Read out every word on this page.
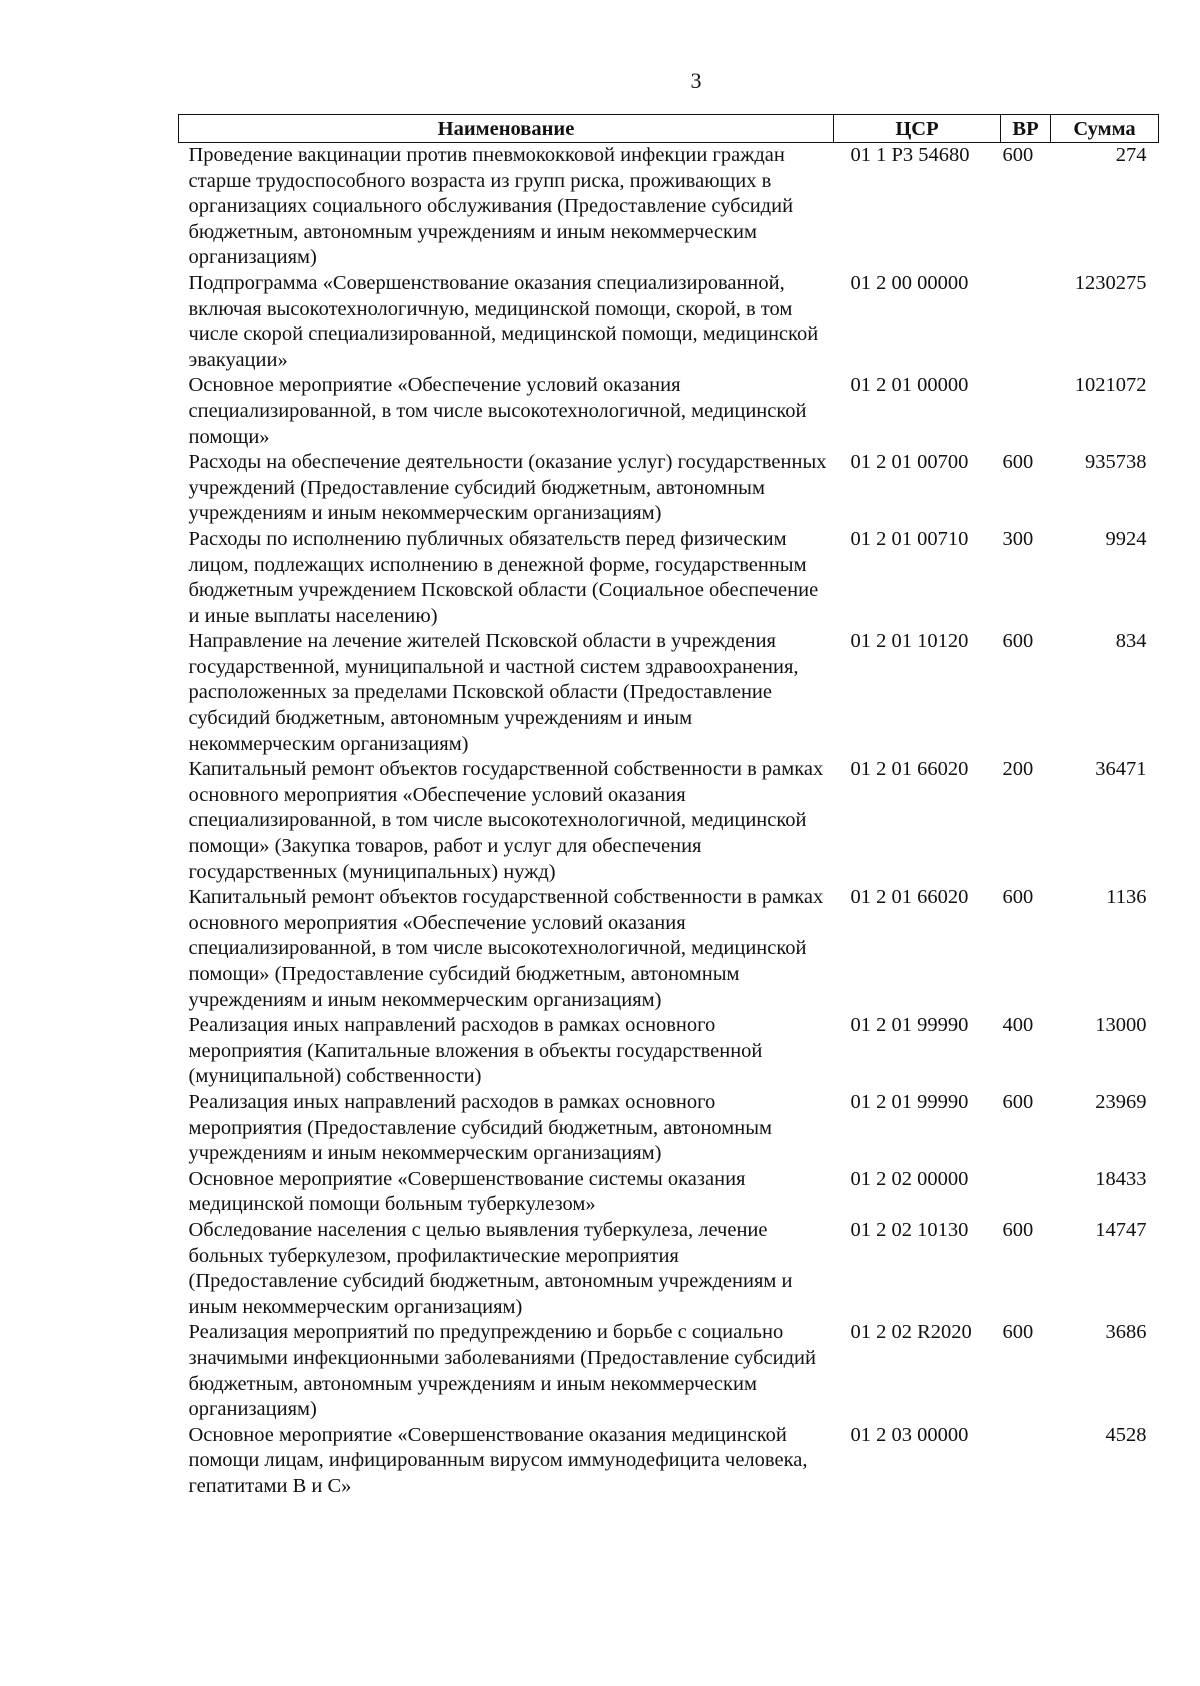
3
Наименование	ЦСР	ВР	Сумма
Проведение вакцинации против пневмококковой инфекции граждан старше трудоспособного возраста из групп риска, проживающих в организациях социального обслуживания (Предоставление субсидий бюджетным, автономным учреждениям и иным некоммерческим организациям)	01 1 Р3 54680	600	274
Подпрограмма «Совершенствование оказания специализированной, включая высокотехнологичную, медицинской помощи, скорой, в том числе скорой специализированной, медицинской помощи, медицинской эвакуации»	01 2 00 00000		1230275
Основное мероприятие «Обеспечение условий оказания специализированной, в том числе высокотехнологичной, медицинской помощи»	01 2 01 00000		1021072
Расходы на обеспечение деятельности (оказание услуг) государственных учреждений (Предоставление субсидий бюджетным, автономным учреждениям и иным некоммерческим организациям)	01 2 01 00700	600	935738
Расходы по исполнению публичных обязательств перед физическим лицом, подлежащих исполнению в денежной форме, государственным бюджетным учреждением Псковской области (Социальное обеспечение и иные выплаты населению)	01 2 01 00710	300	9924
Направление на лечение жителей Псковской области в учреждения государственной, муниципальной и частной систем здравоохранения, расположенных за пределами Псковской области (Предоставление субсидий бюджетным, автономным учреждениям и иным некоммерческим организациям)	01 2 01 10120	600	834
Капитальный ремонт объектов государственной собственности в рамках основного мероприятия «Обеспечение условий оказания специализированной, в том числе высокотехнологичной, медицинской помощи» (Закупка товаров, работ и услуг для обеспечения государственных (муниципальных) нужд)	01 2 01 66020	200	36471
Капитальный ремонт объектов государственной собственности в рамках основного мероприятия «Обеспечение условий оказания специализированной, в том числе высокотехнологичной, медицинской помощи» (Предоставление субсидий бюджетным, автономным учреждениям и иным некоммерческим организациям)	01 2 01 66020	600	1136
Реализация иных направлений расходов в рамках основного мероприятия (Капитальные вложения в объекты государственной (муниципальной) собственности)	01 2 01 99990	400	13000
Реализация иных направлений расходов в рамках основного мероприятия (Предоставление субсидий бюджетным, автономным учреждениям и иным некоммерческим организациям)	01 2 01 99990	600	23969
Основное мероприятие «Совершенствование системы оказания медицинской помощи больным туберкулезом»	01 2 02 00000		18433
Обследование населения с целью выявления туберкулеза, лечение больных туберкулезом, профилактические мероприятия (Предоставление субсидий бюджетным, автономным учреждениям и иным некоммерческим организациям)	01 2 02 10130	600	14747
Реализация мероприятий по предупреждению и борьбе с социально значимыми инфекционными заболеваниями (Предоставление субсидий бюджетным, автономным учреждениям и иным некоммерческим организациям)	01 2 02 R2020	600	3686
Основное мероприятие «Совершенствование оказания медицинской помощи лицам, инфицированным вирусом иммунодефицита человека, гепатитами В и С»	01 2 03 00000		4528
